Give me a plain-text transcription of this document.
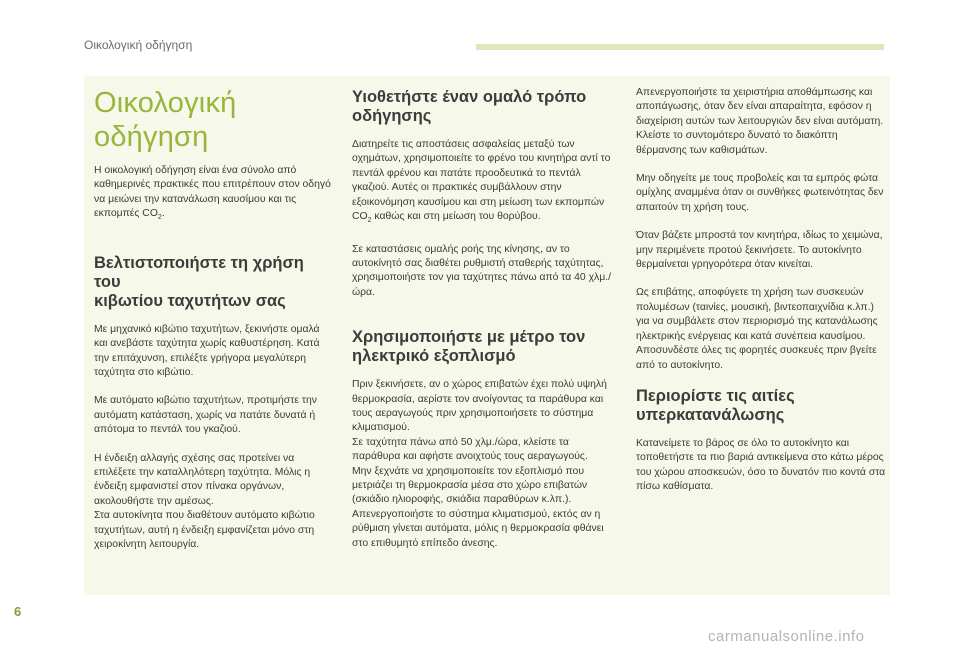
Οικολογική οδήγηση
Οικολογική οδήγηση

Η οικολογική οδήγηση είναι ένα σύνολο από καθημερινές πρακτικές που επιτρέπουν στον οδηγό να μειώνει την κατανάλωση καυσίμου και τις εκπομπές $CO_2$.

Βελτιστοποιήστε τη χρήση του
κιβωτίου ταχυτήτων σας

Με μηχανικό κιβώτιο ταχυτήτων, ξεκινήστε ομαλά και ανεβάστε ταχύτητα χωρίς καθυστέρηση. Κατά την επιτάχυνση, επιλέξτε γρήγορα μεγαλύτερη ταχύτητα στο κιβώτιο.

Με αυτόματο κιβώτιο ταχυτήτων, προτιμήστε την αυτόματη κατάσταση, χωρίς να πατάτε δυνατά ή απότομα το πεντάλ του γκαζιού.

Η ένδειξη αλλαγής σχέσης σας προτείνει να επιλέξετε την καταλληλότερη ταχύτητα. Μόλις η ένδειξη εμφανιστεί στον πίνακα οργάνων, ακολουθήστε την αμέσως.
Στα αυτοκίνητα που διαθέτουν αυτόματο κιβώτιο ταχυτήτων, αυτή η ένδειξη εμφανίζεται μόνο στη χειροκίνητη λειτουργία.

Υιοθετήστε έναν ομαλό τρόπο
οδήγησης

Διατηρείτε τις αποστάσεις ασφαλείας μεταξύ των οχημάτων, χρησιμοποιείτε το φρένο του κινητήρα αντί το πεντάλ φρένου και πατάτε προοδευτικά το πεντάλ γκαζιού. Αυτές οι πρακτικές συμβάλλουν στην εξοικονόμηση καυσίμου και στη μείωση των εκπομπών $CO_2$ καθώς και στη μείωση του θορύβου.

Σε καταστάσεις ομαλής ροής της κίνησης, αν το αυτοκίνητό σας διαθέτει ρυθμιστή σταθερής ταχύτητας, χρησιμοποιήστε τον για ταχύτητες πάνω από τα 40 χλμ./ώρα.

Χρησιμοποιήστε με μέτρο τον
ηλεκτρικό εξοπλισμό

Πριν ξεκινήσετε, αν ο χώρος επιβατών έχει πολύ υψηλή θερμοκρασία, αερίστε τον ανοίγοντας τα παράθυρα και τους αεραγωγούς πριν χρησιμοποιήσετε το σύστημα κλιματισμού.
Σε ταχύτητα πάνω από 50 χλμ./ώρα, κλείστε τα παράθυρα και αφήστε ανοιχτούς τους αεραγωγούς.
Μην ξεχνάτε να χρησιμοποιείτε τον εξοπλισμό που μετριάζει τη θερμοκρασία μέσα στο χώρο επιβατών (σκιάδιο ηλιοροφής, σκιάδια παραθύρων κ.λπ.).
Απενεργοποιήστε το σύστημα κλιματισμού, εκτός αν η ρύθμιση γίνεται αυτόματα, μόλις η θερμοκρασία φθάνει στο επιθυμητό επίπεδο άνεσης.

Απενεργοποιήστε τα χειριστήρια αποθάμπωσης και αποπάγωσης, όταν δεν είναι απαραίτητα, εφόσον η διαχείριση αυτών των λειτουργιών δεν είναι αυτόματη.
Κλείστε το συντομότερο δυνατό το διακόπτη θέρμανσης των καθισμάτων.

Μην οδηγείτε με τους προβολείς και τα εμπρός φώτα ομίχλης αναμμένα όταν οι συνθήκες φωτεινότητας δεν απαιτούν τη χρήση τους.

Όταν βάζετε μπροστά τον κινητήρα, ιδίως το χειμώνα, μην περιμένετε προτού ξεκινήσετε. Το αυτοκίνητο θερμαίνεται γρηγορότερα όταν κινείται.

Ως επιβάτης, αποφύγετε τη χρήση των συσκευών πολυμέσων (ταινίες, μουσική, βιντεοπαιχνίδια κ.λπ.) για να συμβάλετε στον περιορισμό της κατανάλωσης ηλεκτρικής ενέργειας και κατά συνέπεια καυσίμου.
Αποσυνδέστε όλες τις φορητές συσκευές πριν βγείτε από το αυτοκίνητο.

Περιορίστε τις αιτίες
υπερκατανάλωσης

Κατανείμετε το βάρος σε όλο το αυτοκίνητο και τοποθετήστε τα πιο βαριά αντικείμενα στο κάτω μέρος του χώρου αποσκευών, όσο το δυνατόν πιο κοντά στα πίσω καθίσματα.

6
carmanualsonline.info
